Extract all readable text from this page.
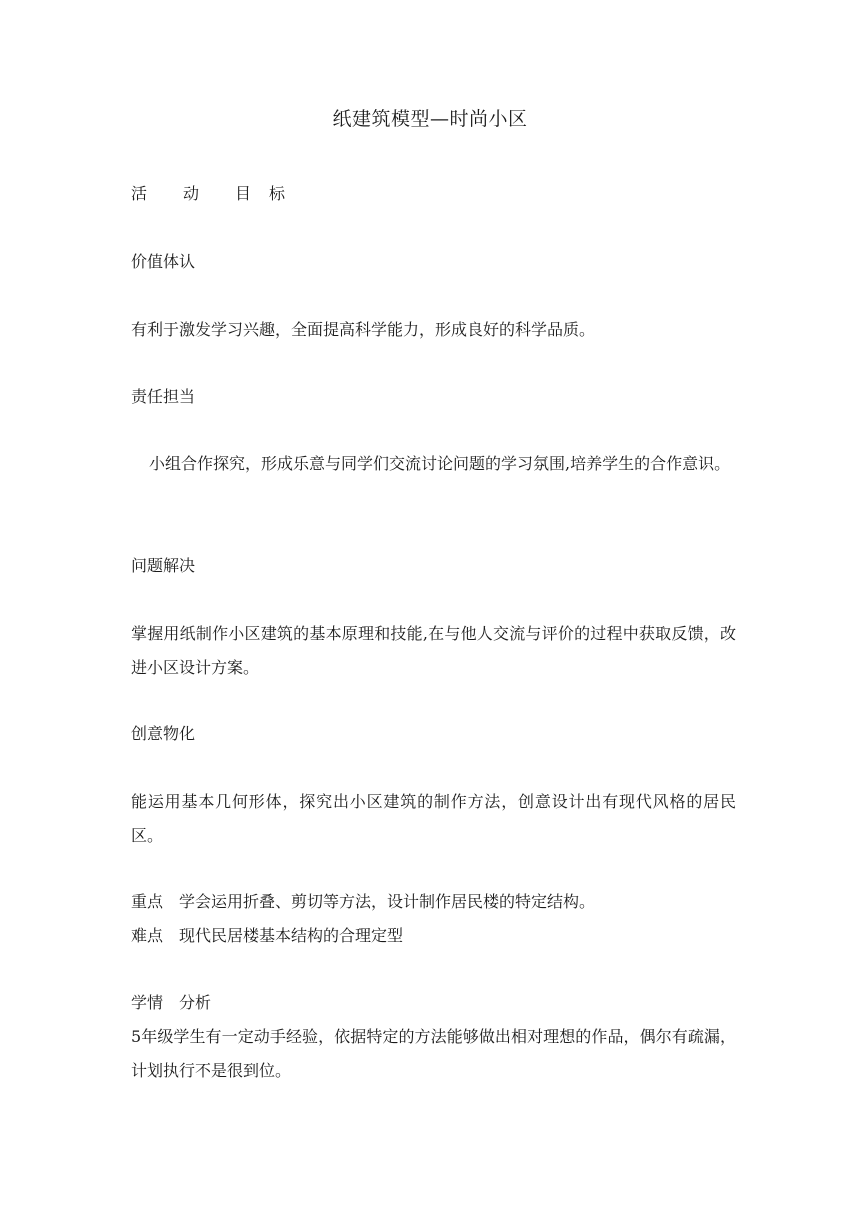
纸建筑模型—时尚小区
活 动 目 标
价值体认
有利于激发学习兴趣，全面提高科学能力，形成良好的科学品质。
责任担当
小组合作探究，形成乐意与同学们交流讨论问题的学习氛围,培养学生的合作意识。
问题解决
掌握用纸制作小区建筑的基本原理和技能,在与他人交流与评价的过程中获取反馈，改进小区设计方案。
创意物化
能运用基本几何形体，探究出小区建筑的制作方法，创意设计出有现代风格的居民区。
重点 学会运用折叠、剪切等方法，设计制作居民楼的特定结构。
难点 现代民居楼基本结构的合理定型
学情 分析
5年级学生有一定动手经验，依据特定的方法能够做出相对理想的作品，偶尔有疏漏，计划执行不是很到位。
